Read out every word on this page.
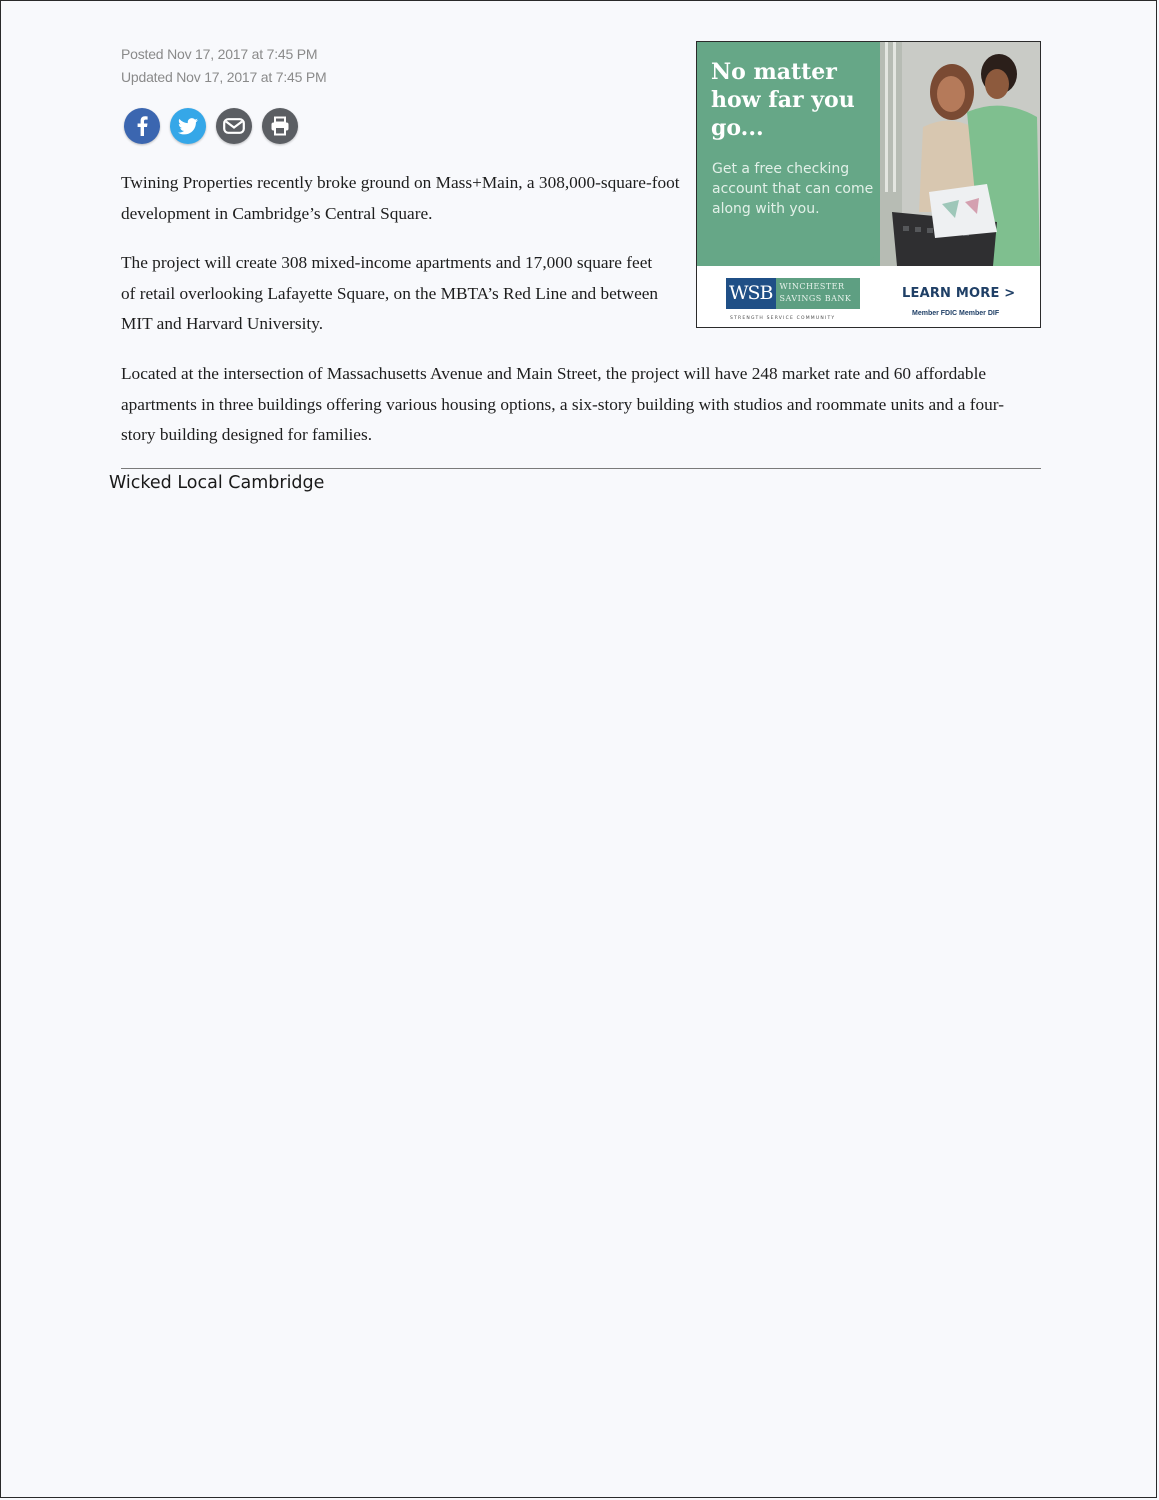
Posted Nov 17, 2017 at 7:45 PM
Updated Nov 17, 2017 at 7:45 PM

Twining Properties recently broke ground on Mass+Main, a 308,000-square-foot development in Cambridge’s Central Square.

The project will create 308 mixed-income apartments and 17,000 square feet of retail overlooking Lafayette Square, on the MBTA’s Red Line and between MIT and Harvard University.

Located at the intersection of Massachusetts Avenue and Main Street, the project will have 248 market rate and 60 affordable apartments in three buildings offering various housing options, a six-story building with studios and roommate units and a four-story building designed for families.

Wicked Local Cambridge
No matter how far you go...
Get a free checking account that can come along with you.
WSB WINCHESTER SAVINGS BANK
STRENGTH SERVICE COMMUNITY
LEARN MORE >
Member FDIC Member DIF
